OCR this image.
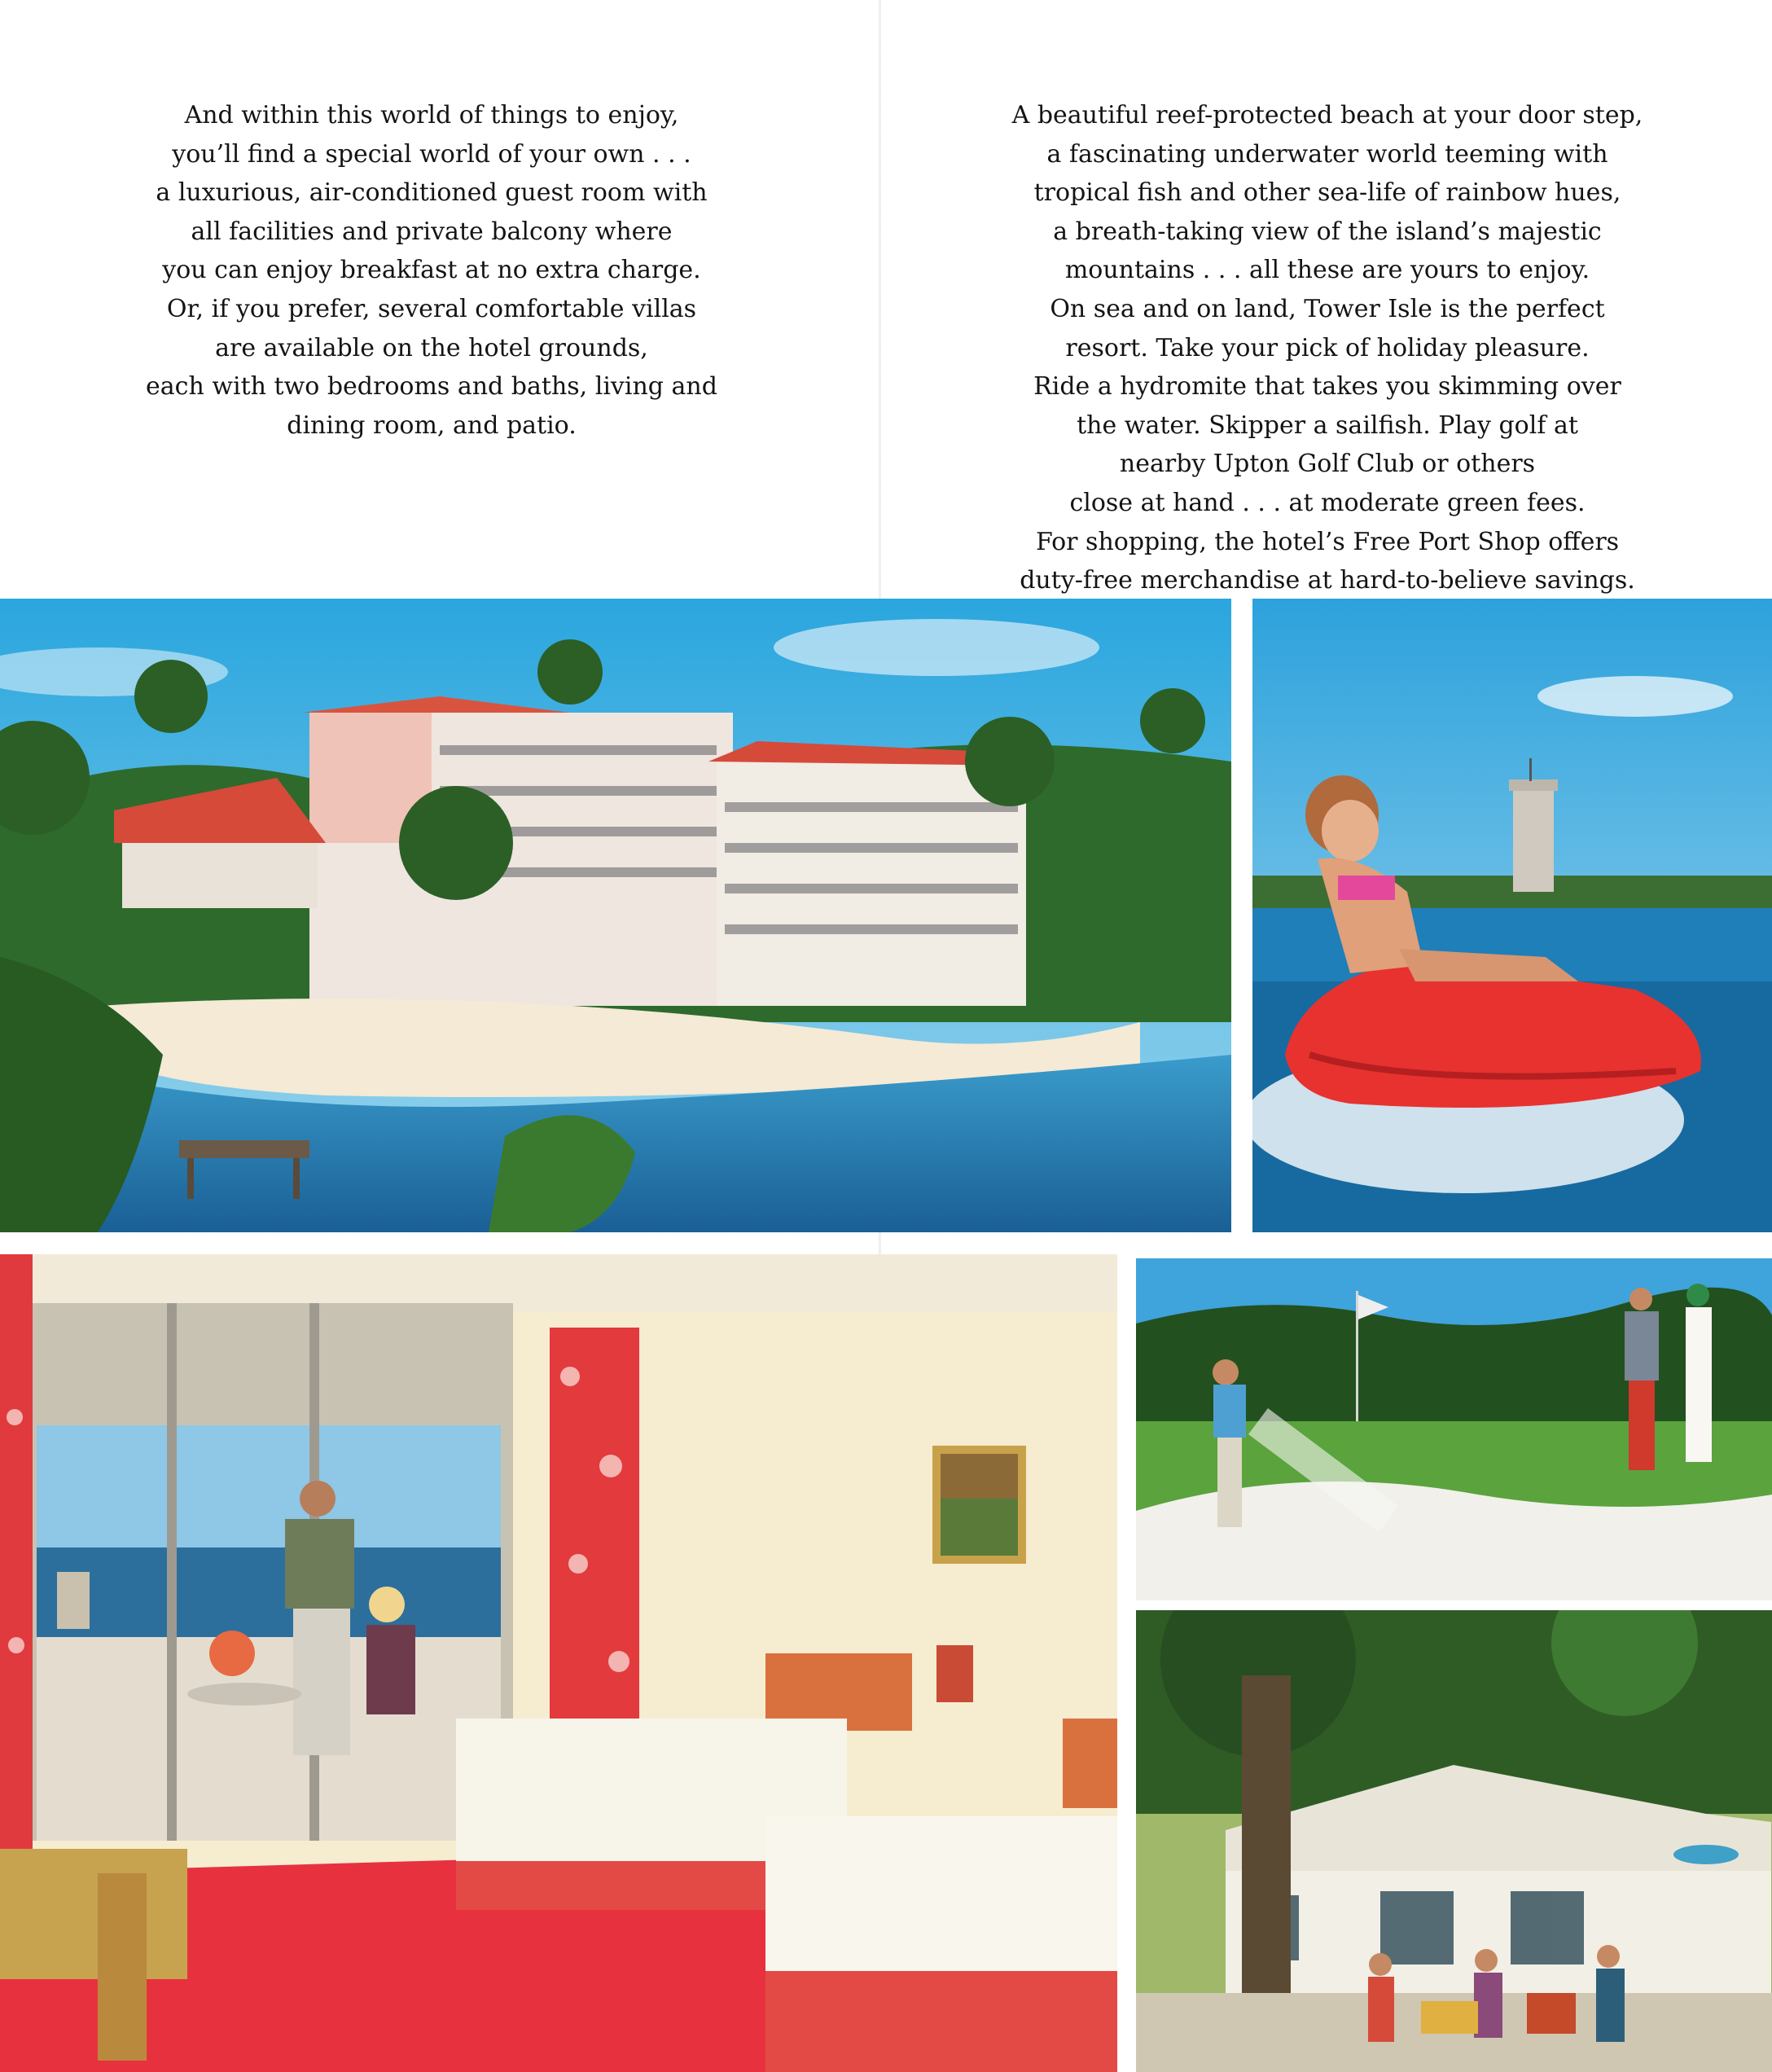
And within this world of things to enjoy,
you’ll find a special world of your own . . .
a luxurious, air-conditioned guest room with
all facilities and private balcony where
you can enjoy breakfast at no extra charge.
Or, if you prefer, several comfortable villas
are available on the hotel grounds,
each with two bedrooms and baths, living and
dining room, and patio.
A beautiful reef-protected beach at your door step,
a fascinating underwater world teeming with
tropical fish and other sea-life of rainbow hues,
a breath-taking view of the island’s majestic
mountains . . . all these are yours to enjoy.
On sea and on land, Tower Isle is the perfect
resort. Take your pick of holiday pleasure.
Ride a hydromite that takes you skimming over
the water. Skipper a sailfish. Play golf at
nearby Upton Golf Club or others
close at hand . . . at moderate green fees.
For shopping, the hotel’s Free Port Shop offers
duty-free merchandise at hard-to-believe savings.
